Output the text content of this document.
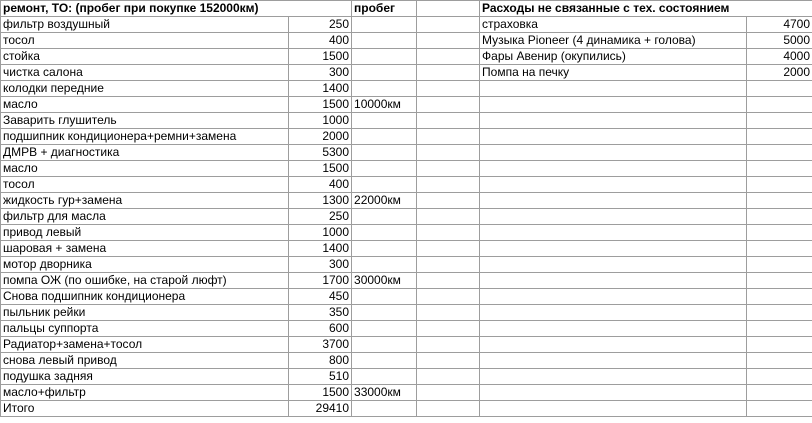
ремонт, ТО: (пробег при покупке 152000км)		пробег		Расходы не связанные с тех. состоянием	
фильтр воздушный	250			страховка	4700
тосол	400			Музыка Pioneer (4 динамика + голова)	5000
стойка	1500			Фары Авенир (окупились)	4000
чистка салона	300			Помпа на печку	2000
колодки передние	1400				
масло	1500	10000км			
Заварить глушитель	1000				
подшипник кондиционера+ремни+замена	2000				
ДМРВ + диагностика	5300				
масло	1500				
тосол	400				
жидкость гур+замена	1300	22000км			
фильтр для масла	250				
привод левый	1000				
шаровая + замена	1400				
мотор дворника	300				
помпа ОЖ (по ошибке, на старой люфт)	1700	30000км			
Снова подшипник кондиционера	450				
пыльник рейки	350				
пальцы суппорта	600				
Радиатор+замена+тосол	3700				
снова левый привод	800				
подушка задняя	510				
масло+фильтр	1500	33000км			
Итого	29410				
